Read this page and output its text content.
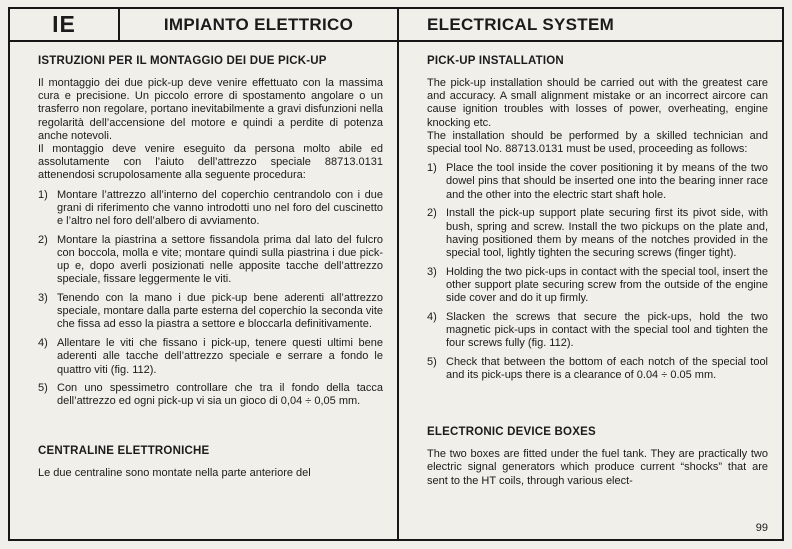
IE	IMPIANTO ELETTRICO	ELECTRICAL SYSTEM
ISTRUZIONI PER IL MONTAGGIO DEI DUE PICK-UP

Il montaggio dei due pick-up deve venire effettuato con la massima cura e precisione. Un piccolo errore di spostamento angolare o un trasferro non regolare, portano inevitabilmente a gravi disfunzioni nella regolarità dell’accensione del motore e quindi a perdite di potenza anche notevoli.

Il montaggio deve venire eseguito da persona molto abile ed assolutamente con l’aiuto dell’attrezzo speciale 88713.0131 attenendosi scrupolosamente alla seguente procedura:

1) Montare l’attrezzo all’interno del coperchio centrandolo con i due grani di riferimento che vanno introdotti uno nel foro del cuscinetto e l’altro nel foro dell’albero di avviamento.
2) Montare la piastrina a settore fissandola prima dal lato del fulcro con boccola, molla e vite; montare quindi sulla piastrina i due pick-up e, dopo averli posizionati nelle apposite tacche dell’attrezzo speciale, fissare leggermente le viti.
3) Tenendo con la mano i due pick-up bene aderenti all’attrezzo speciale, montare dalla parte esterna del coperchio la seconda vite che fissa ad esso la piastra a settore e bloccarla definitivamente.
4) Allentare le viti che fissano i pick-up, tenere questi ultimi bene aderenti alle tacche dell’attrezzo speciale e serrare a fondo le quattro viti (fig. 112).
5) Con uno spessimetro controllare che tra il fondo della tacca dell’attrezzo ed ogni pick-up vi sia un gioco di 0,04 ÷ 0,05 mm.
CENTRALINE ELETTRONICHE

Le due centraline sono montate nella parte anteriore del

PICK-UP INSTALLATION

The pick-up installation should be carried out with the greatest care and accuracy. A small alignment mistake or an incorrect aircore can cause ignition troubles with losses of power, overheating, engine knocking etc.

The installation should be performed by a skilled technician and special tool No. 88713.0131 must be used, proceeding as follows:

1) Place the tool inside the cover positioning it by means of the two dowel pins that should be inserted one into the bearing inner race and the other into the electric start shaft hole.
2) Install the pick-up support plate securing first its pivot side, with bush, spring and screw. Install the two pickups on the plate and, having positioned them by means of the notches provided in the special tool, lightly tighten the securing screws (finger tight).
3) Holding the two pick-ups in contact with the special tool, insert the other support plate securing screw from the outside of the engine side cover and do it up firmly.
4) Slacken the screws that secure the pick-ups, hold the two magnetic pick-ups in contact with the special tool and tighten the four screws fully (fig. 112).
5) Check that between the bottom of each notch of the special tool and its pick-ups there is a clearance of 0.04 ÷ 0.05 mm.
ELECTRONIC DEVICE BOXES

The two boxes are fitted under the fuel tank. They are practically two electric signal generators which produce current “shocks” that are sent to the HT coils, through various elect-

99
